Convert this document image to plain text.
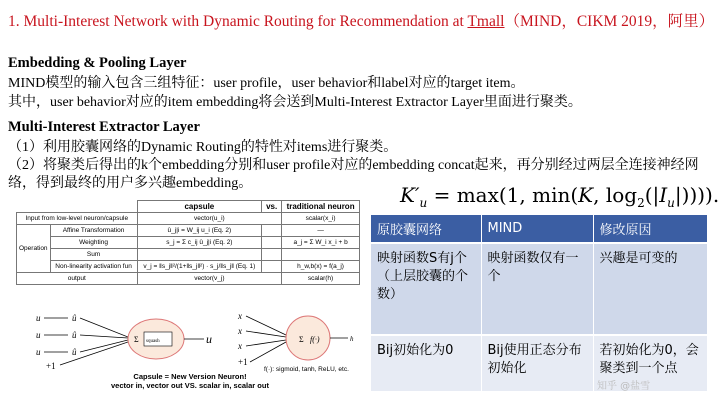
1. Multi-Interest Network with Dynamic Routing for Recommendation at Tmall（MIND，CIKM 2019，阿里）
Embedding & Pooling Layer
MIND模型的输入包含三组特征：user profile，user behavior和label对应的target item。
其中，user behavior对应的item embedding将会送到Multi-Interest Extractor Layer里面进行聚类。
Multi-Interest Extractor Layer
（1）利用胶囊网络的Dynamic Routing的特性对items进行聚类。
（2）将聚类后得出的k个embedding分别和user profile对应的embedding concat起来，再分别经过两层全连接神经网
络，得到最终的用户多兴趣embedding。	$K'_u = \max(1$, min(K, $\log_2(|I_u|)$))).
原胶囊网络	MIND	修改原因
映射函数S有j个（上层胶囊的个数）	映射函数仅有一个	兴趣是可变的
Bij初始化为0	Bij使用正态分布初始化	若初始化为0，会聚类到一个点
		capsule	vs.	traditional neuron
Input from low-level neuron/capsule		vector(u_i)		scalar(x_i)
Operation	Affine Transformation	û_j|i = W_ij u_i (Eq. 2)		—
	Weighting	s_j = Σ c_ij û_j|i (Eq. 2)		a_j = Σ W_i x_i + b
	Sum			
	Non-linearity activation fun	v_j = ‖s_j‖²/(1+‖s_j‖²) · s_j/‖s_j‖ (Eq. 1)		h_w,b(x) = f(a_j)
output		vector(v_j)		scalar(h)
u
u
u
+1
û
û
û
Σ squash	u
x
x
x
+1
Σ f(·)	h
f(·): sigmoid, tanh, ReLU, etc.
Capsule = New Version Neuron!
vector in, vector out VS. scalar in, scalar out	知乎 @盐雪
